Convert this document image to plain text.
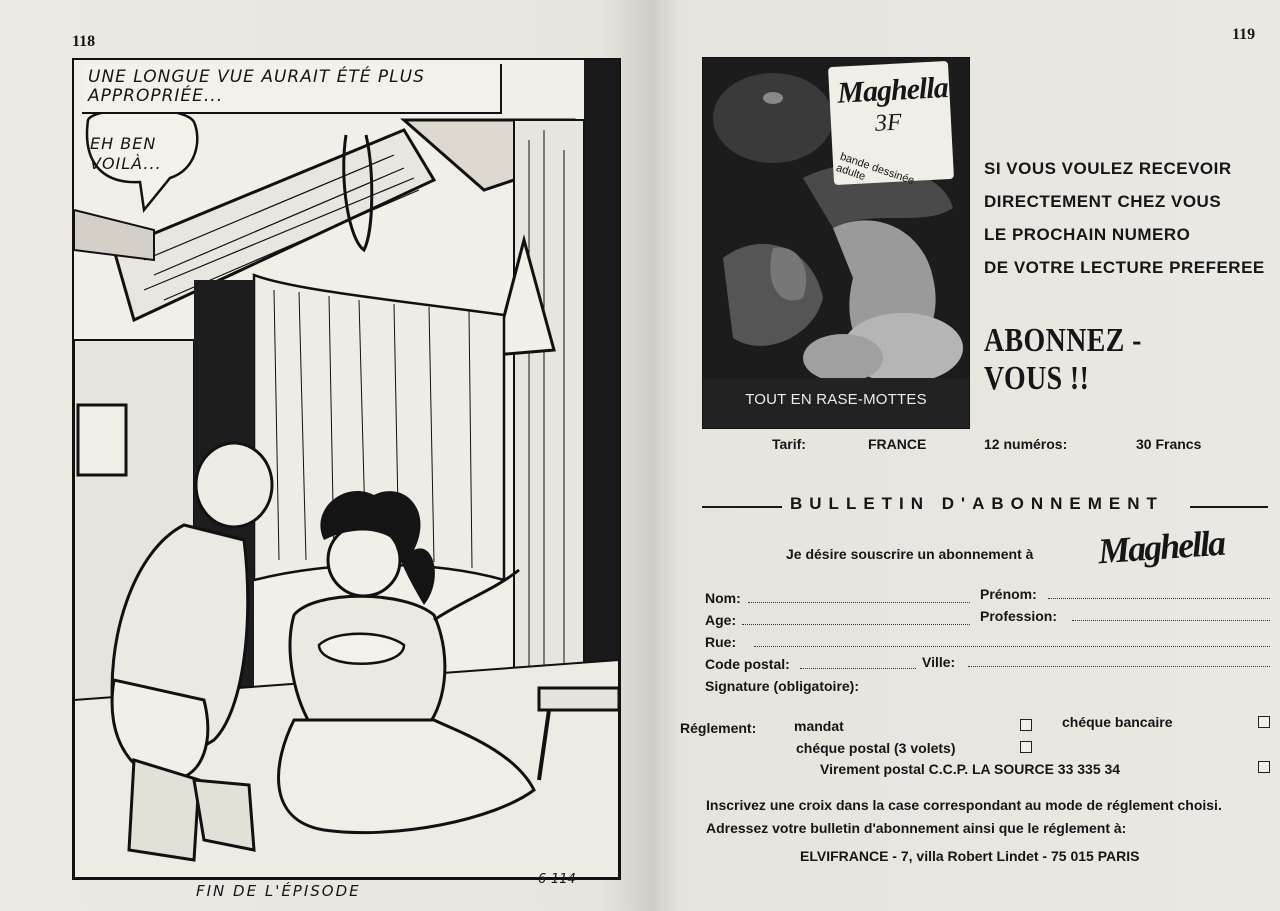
118
UNE LONGUE VUE AURAIT ÉTÉ PLUS APPROPRIÉE...
EH BEN VOILÀ...
FIN DE L'ÉPISODE
6-114
119
Maghella
3F
bande dessinée adulte
TOUT EN RASE-MOTTES
SI VOUS VOULEZ RECEVOIR
DIRECTEMENT CHEZ VOUS
LE PROCHAIN NUMERO
DE VOTRE LECTURE PREFEREE
ABONNEZ - VOUS !!
Tarif:	FRANCE	12 numéros:	30 Francs
BULLETIN D'ABONNEMENT
Je désire souscrire un abonnement à Maghella
Nom:	Prénom:
Age:	Profession:
Rue:
Code postal:	Ville:
Signature (obligatoire):
Réglement:	mandat	chéque bancaire
chéque postal (3 volets)
Virement postal C.C.P. LA SOURCE 33 335 34
Inscrivez une croix dans la case correspondant au mode de réglement choisi.
Adressez votre bulletin d'abonnement ainsi que le réglement à:
ELVIFRANCE - 7, villa Robert Lindet - 75 015 PARIS
